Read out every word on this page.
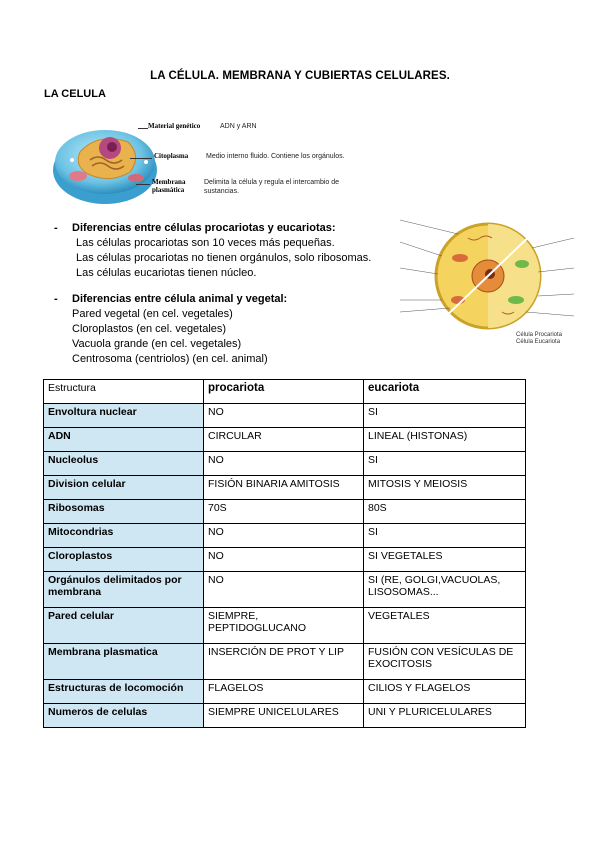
LA CÉLULA. MEMBRANA Y CUBIERTAS CELULARES.
LA CELULA
Material genético	ADN y ARN
Citoplasma	Medio interno fluido. Contiene los orgánulos.
Membrana plasmática
Delimita la célula y regula el intercambio de sustancias.
- Diferencias entre células procariotas y eucariotas:
Las células procariotas son 10 veces más pequeñas.
Las células procariotas no tienen orgánulos, solo ribosomas.
Las células eucariotas tienen núcleo.
Célula Procariota
Célula Eucariota
- Diferencias entre célula animal y vegetal:
Pared vegetal (en cel. vegetales)
Cloroplastos (en cel. vegetales)
Vacuola grande (en cel. vegetales)
Centrosoma (centriolos) (en cel. animal)
Estructura	procariota	eucariota
Envoltura nuclear	NO	SI
ADN	CIRCULAR	LINEAL (HISTONAS)
Nucleolus	NO	SI
Division celular	FISIÓN BINARIA AMITOSIS	MITOSIS Y MEIOSIS
Ribosomas	70S	80S
Mitocondrias	NO	SI
Cloroplastos	NO	SI VEGETALES
Orgánulos delimitados por membrana	NO	SI (RE, GOLGI,VACUOLAS, LISOSOMAS...
Pared celular	SIEMPRE, PEPTIDOGLUCANO	VEGETALES
Membrana plasmatica	INSERCIÓN DE PROT Y LIP	FUSIÓN CON VESÍCULAS DE EXOCITOSIS
Estructuras de locomoción	FLAGELOS	CILIOS Y FLAGELOS
Numeros de celulas	SIEMPRE UNICELULARES	UNI Y PLURICELULARES
